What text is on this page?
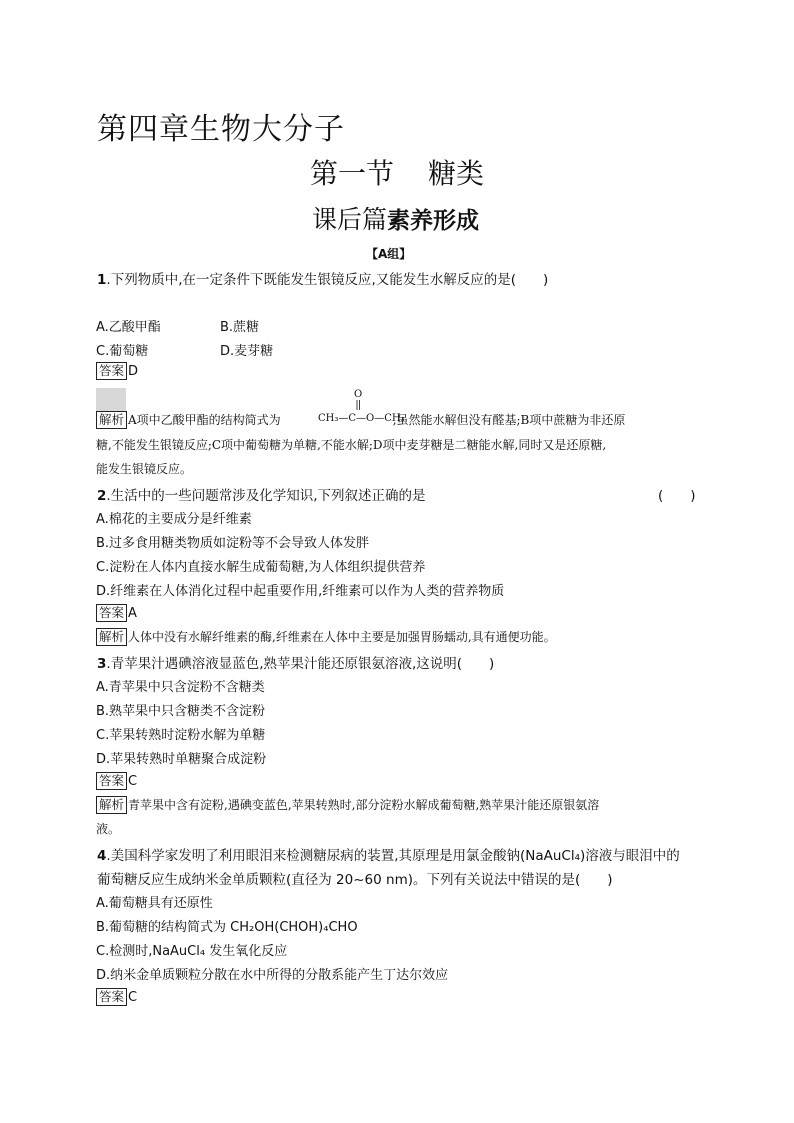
第四章生物大分子
第一节 糖类
课后篇素养形成
【A组】
1.下列物质中,在一定条件下既能发生银镜反应,又能发生水解反应的是(　　)
A.乙酸甲酯	B.蔗糖
C.葡萄糖	D.麦芽糖
答案 D
解析 A项中乙酸甲酯的结构简式为	,虽然能水解但没有醛基;B项中蔗糖为非还原
O
CH₃—C—O—CH₃
糖,不能发生银镜反应;C项中葡萄糖为单糖,不能水解;D项中麦芽糖是二糖能水解,同时又是还原糖,
能发生银镜反应。
2.生活中的一些问题常涉及化学知识,下列叙述正确的是	(　　)
A.棉花的主要成分是纤维素
B.过多食用糖类物质如淀粉等不会导致人体发胖
C.淀粉在人体内直接水解生成葡萄糖,为人体组织提供营养
D.纤维素在人体消化过程中起重要作用,纤维素可以作为人类的营养物质
答案 A
解析 人体中没有水解纤维素的酶,纤维素在人体中主要是加强胃肠蠕动,具有通便功能。
3.青苹果汁遇碘溶液显蓝色,熟苹果汁能还原银氨溶液,这说明(　　)
A.青苹果中只含淀粉不含糖类
B.熟苹果中只含糖类不含淀粉
C.苹果转熟时淀粉水解为单糖
D.苹果转熟时单糖聚合成淀粉
答案 C
解析 青苹果中含有淀粉,遇碘变蓝色,苹果转熟时,部分淀粉水解成葡萄糖,熟苹果汁能还原银氨溶
液。
4.美国科学家发明了利用眼泪来检测糖尿病的装置,其原理是用氯金酸钠(NaAuCl₄)溶液与眼泪中的
葡萄糖反应生成纳米金单质颗粒(直径为 20~60 nm)。下列有关说法中错误的是(　　)
A.葡萄糖具有还原性
B.葡萄糖的结构简式为 CH₂OH(CHOH)₄CHO
C.检测时,NaAuCl₄ 发生氧化反应
D.纳米金单质颗粒分散在水中所得的分散系能产生丁达尔效应
答案 C
